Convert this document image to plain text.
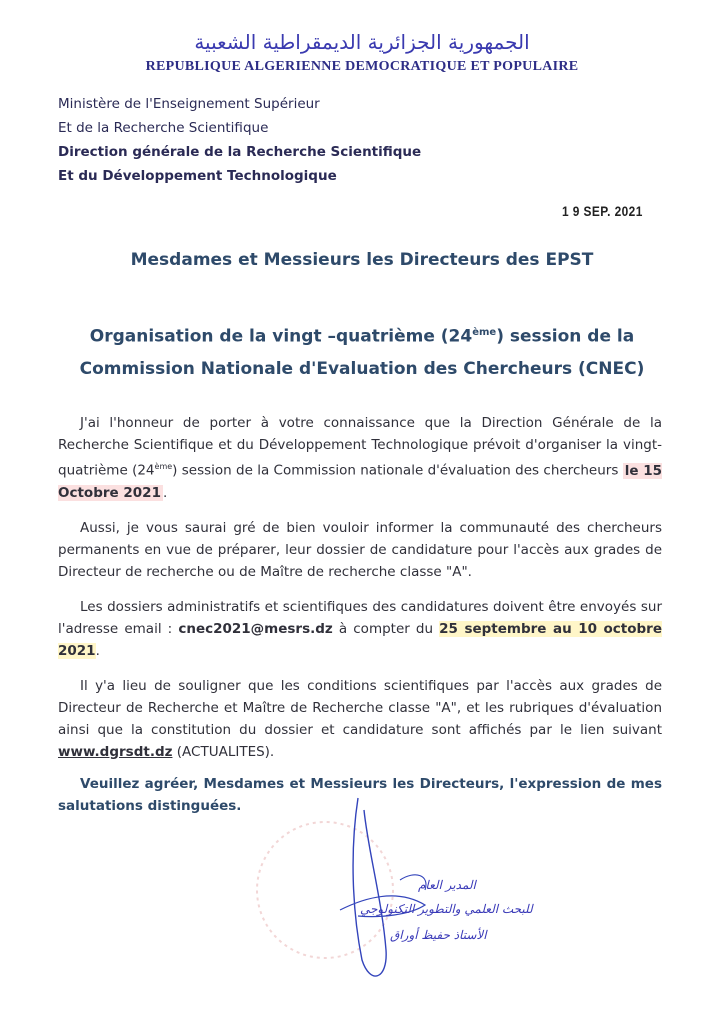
الجمهورية الجزائرية الديمقراطية الشعبية
REPUBLIQUE ALGERIENNE DEMOCRATIQUE ET POPULAIRE
Ministère de l'Enseignement Supérieur
Et de la Recherche Scientifique
Direction générale de la Recherche Scientifique
Et du Développement Technologique
1 9 SEP. 2021
Mesdames et Messieurs les Directeurs des EPST
Organisation de la vingt –quatrième (24ème) session de la
Commission Nationale d'Evaluation des Chercheurs (CNEC)

J'ai l'honneur de porter à votre connaissance que la Direction Générale de la Recherche Scientifique et du Développement Technologique prévoit d'organiser la vingt-quatrième (24ème) session de la Commission nationale d'évaluation des chercheurs le 15 Octobre 2021 .

Aussi, je vous saurai gré de bien vouloir informer la communauté des chercheurs permanents en vue de préparer, leur dossier de candidature pour l'accès aux grades de Directeur de recherche ou de Maître de recherche classe "A".

Les dossiers administratifs et scientifiques des candidatures doivent être envoyés sur l'adresse email : cnec2021@mesrs.dz à compter du 25 septembre au 10 octobre 2021.

Il y'a lieu de souligner que les conditions scientifiques par l'accès aux grades de Directeur de Recherche et Maître de Recherche classe "A", et les rubriques d'évaluation ainsi que la constitution du dossier et candidature sont affichés par le lien suivant www.dgrsdt.dz (ACTUALITES).

Veuillez agréer, Mesdames et Messieurs les Directeurs, l'expression de mes salutations distinguées.
المدير العام
للبحث العلمي والتطوير التكنولوجي
الأستاذ حفيظ أوراق
